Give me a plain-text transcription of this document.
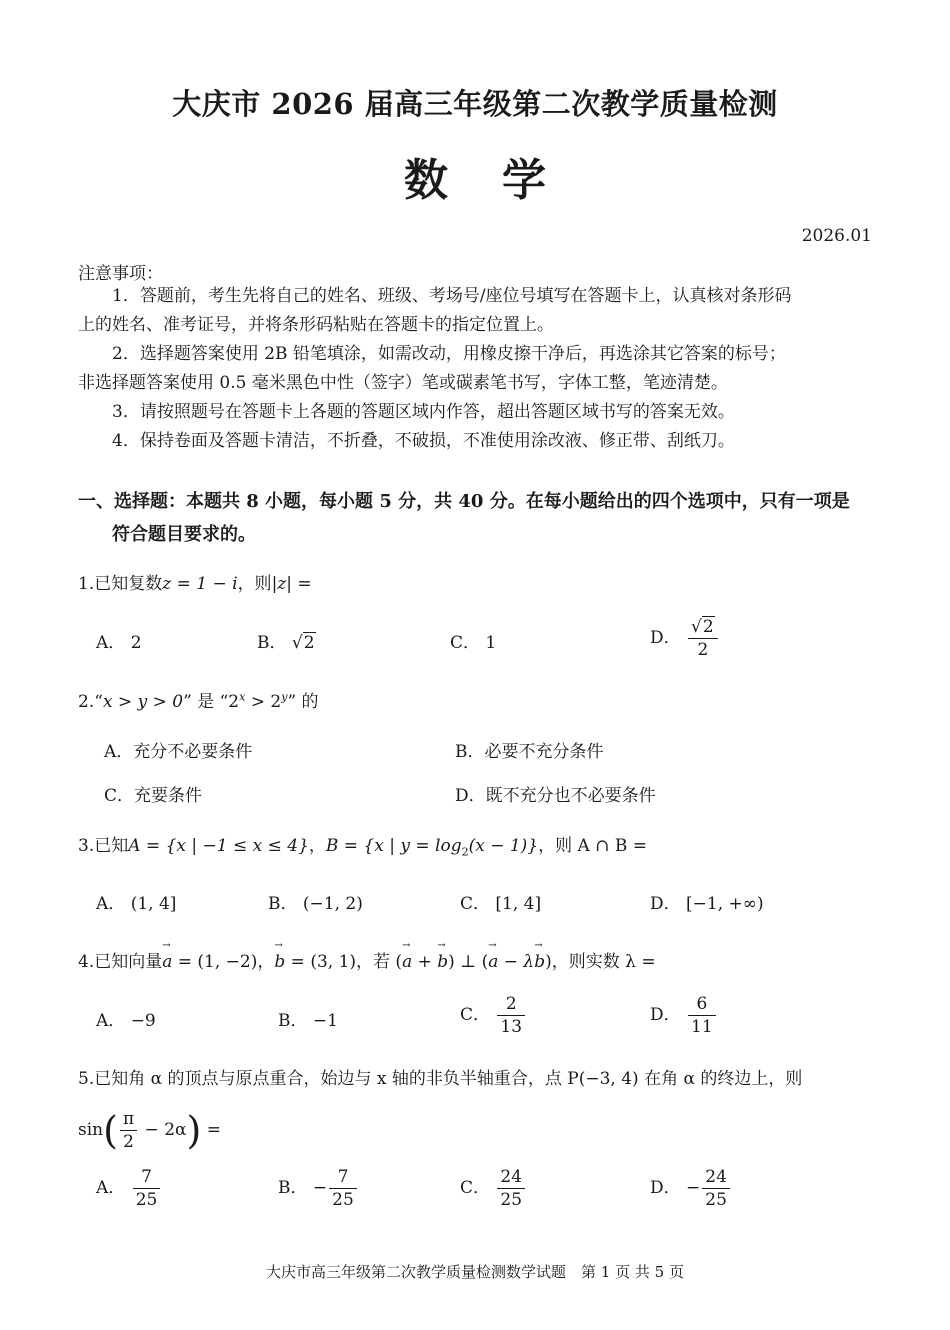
大庆市 2026 届高三年级第二次教学质量检测
数学
2026.01
注意事项：
1．答题前，考生先将自己的姓名、班级、考场号/座位号填写在答题卡上，认真核对条形码
上的姓名、准考证号，并将条形码粘贴在答题卡的指定位置上。
2．选择题答案使用 2B 铅笔填涂，如需改动，用橡皮擦干净后，再选涂其它答案的标号；
非选择题答案使用 0.5 毫米黑色中性（签字）笔或碳素笔书写，字体工整，笔迹清楚。
3．请按照题号在答题卡上各题的答题区域内作答，超出答题区域书写的答案无效。
4．保持卷面及答题卡清洁，不折叠，不破损，不准使用涂改液、修正带、刮纸刀。
一、选择题：本题共 8 小题，每小题 5 分，共 40 分。在每小题给出的四个选项中，只有一项是
符合题目要求的。
1.已知复数z = 1 − i，则|z| =
A． 2	B． √2	C． 1	D． $\frac{√2}{2}$
2.“x > y > 0” 是 “$2^x > 2^y$” 的
A．充分不必要条件	B．必要不充分条件
C．充要条件	D．既不充分也不必要条件
3.已知A = {x | −1 ≤ x ≤ 4}，B = {x | $y = \log_2(x - 1)$}，则 A ∩ B =
A． (1, 4]	B． (−1, 2)	C． [1, 4]	D． [−1, +∞)
4.已知向量→ a = (1, −2)，→ b = (3, 1)，若 (→ a + → b) ⊥ (→ a − λ→ b)，则实数 λ =
A． −9	B． −1	C． $\frac{2}{13}$	D． $\frac{6}{11}$
5.已知角 α 的顶点与原点重合，始边与 x 轴的非负半轴重合，点 P(−3, 4) 在角 α 的终边上，则
$\sin( \frac{\pi}{2} - 2\alpha)$ =
A． $\frac{7}{25}$	B． − $\frac{7}{25}$	C． $\frac{24}{25}$	D． − $\frac{24}{25}$
大庆市高三年级第二次教学质量检测数学试题　第 1 页 共 5 页
